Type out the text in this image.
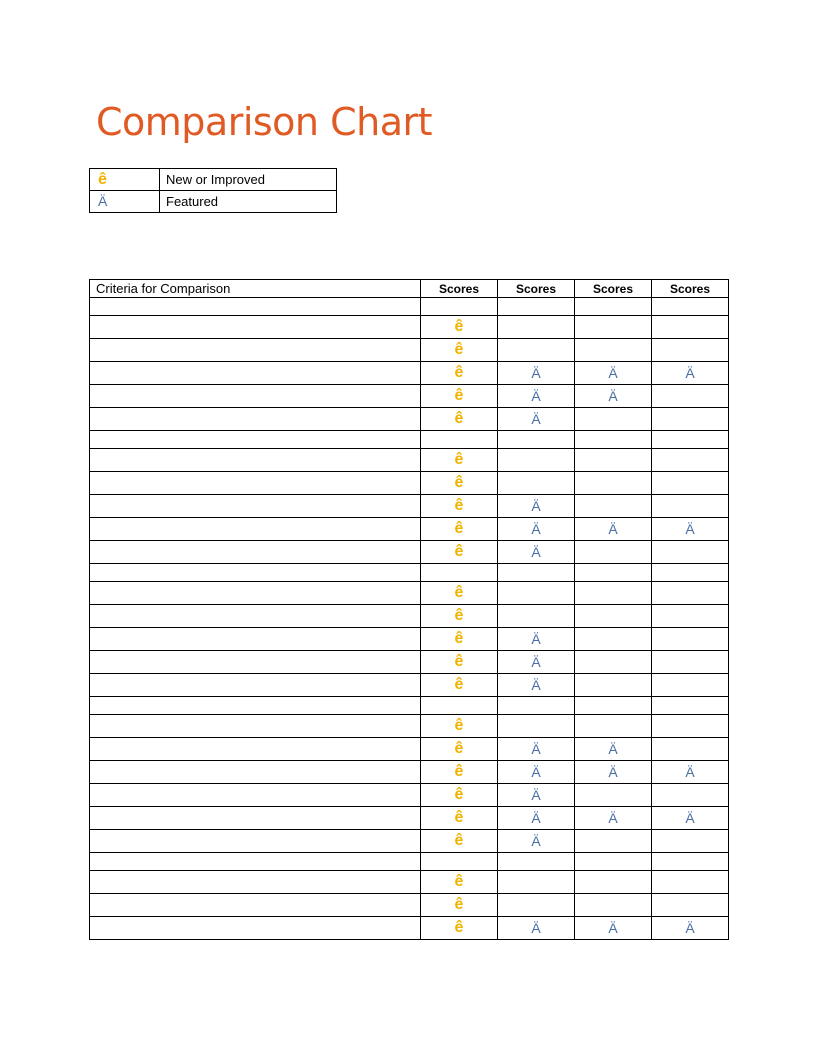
Comparison Chart
ê	New or Improved
Ä	Featured
Criteria for Comparison	Scores	Scores	Scores	Scores

	ê			
	ê			
	ê	Ä	Ä	Ä
	ê	Ä	Ä	
	ê	Ä		

	ê			
	ê			
	ê	Ä		
	ê	Ä	Ä	Ä
	ê	Ä		

	ê			
	ê			
	ê	Ä		
	ê	Ä		
	ê	Ä		

	ê			
	ê	Ä	Ä	
	ê	Ä	Ä	Ä
	ê	Ä		
	ê	Ä	Ä	Ä
	ê	Ä		

	ê			
	ê			
	ê	Ä	Ä	Ä
